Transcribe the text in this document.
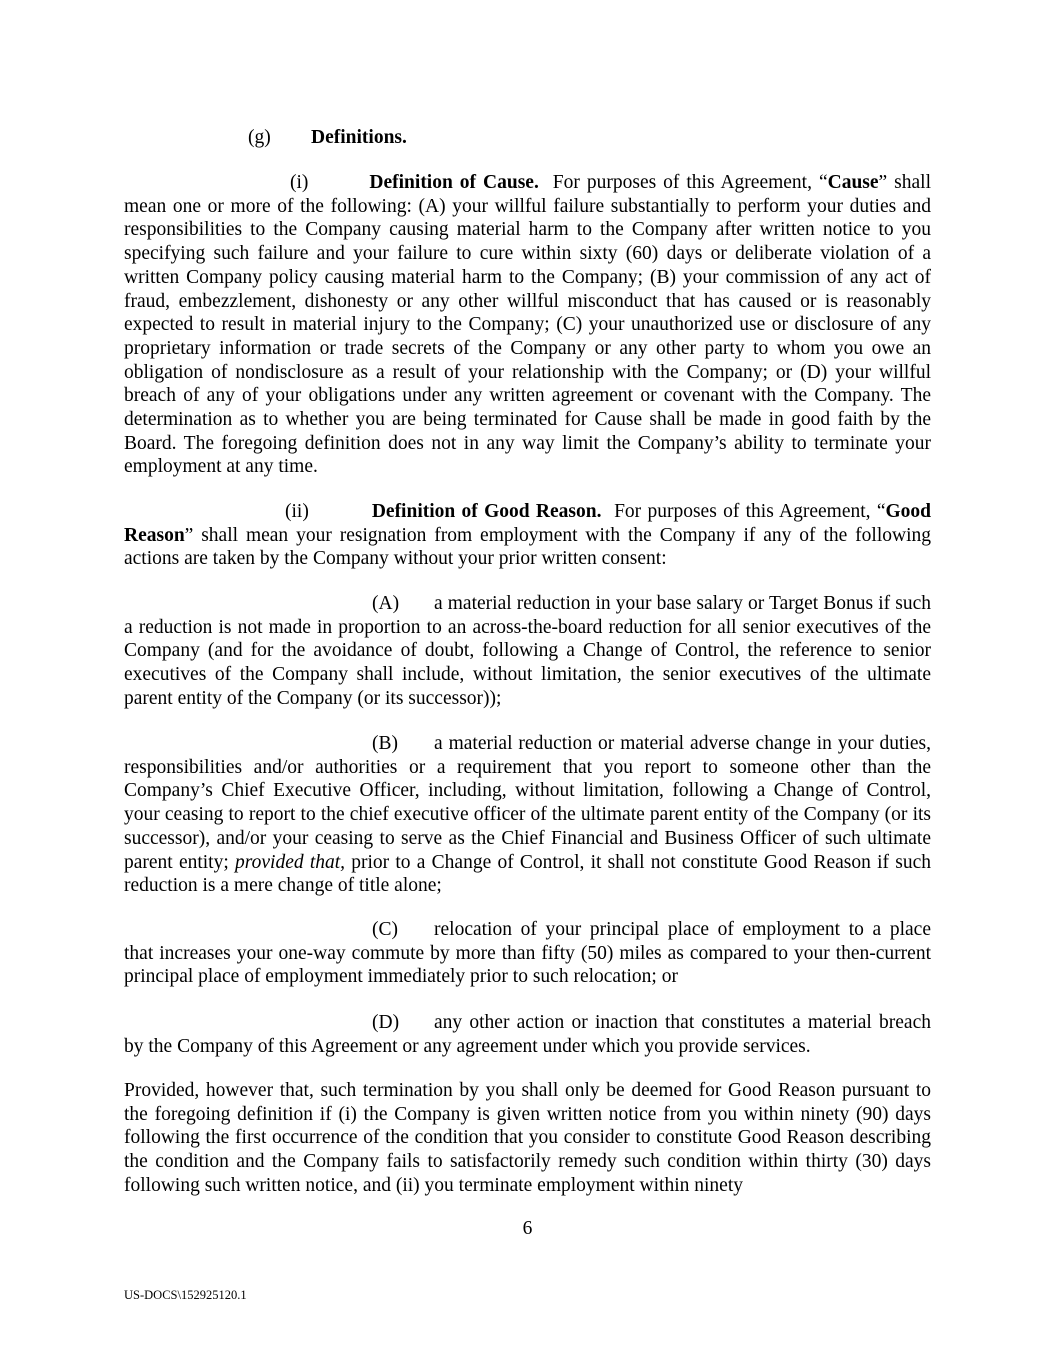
(g) Definitions.

(i)	Definition of Cause. For purposes of this Agreement, “Cause” shall mean one or more of the following: (A) your willful failure substantially to perform your duties and responsibilities to the Company causing material harm to the Company after written notice to you specifying such failure and your failure to cure within sixty (60) days or deliberate violation of a written Company policy causing material harm to the Company; (B) your commission of any act of fraud, embezzlement, dishonesty or any other willful misconduct that has caused or is reasonably expected to result in material injury to the Company; (C) your unauthorized use or disclosure of any proprietary information or trade secrets of the Company or any other party to whom you owe an obligation of nondisclosure as a result of your relationship with the Company; or (D) your willful breach of any of your obligations under any written agreement or covenant with the Company. The determination as to whether you are being terminated for Cause shall be made in good faith by the Board. The foregoing definition does not in any way limit the Company’s ability to terminate your employment at any time.

(ii)	Definition of Good Reason. For purposes of this Agreement, “Good Reason” shall mean your resignation from employment with the Company if any of the following actions are taken by the Company without your prior written consent:

(A) a material reduction in your base salary or Target Bonus if such a reduction is not made in proportion to an across-the-board reduction for all senior executives of the Company (and for the avoidance of doubt, following a Change of Control, the reference to senior executives of the Company shall include, without limitation, the senior executives of the ultimate parent entity of the Company (or its successor));

(B) a material reduction or material adverse change in your duties, responsibilities and/or authorities or a requirement that you report to someone other than the Company’s Chief Executive Officer, including, without limitation, following a Change of Control, your ceasing to report to the chief executive officer of the ultimate parent entity of the Company (or its successor), and/or your ceasing to serve as the Chief Financial and Business Officer of such ultimate parent entity; provided that, prior to a Change of Control, it shall not constitute Good Reason if such reduction is a mere change of title alone;

(C) relocation of your principal place of employment to a place that increases your one-way commute by more than fifty (50) miles as compared to your then-current principal place of employment immediately prior to such relocation; or

(D) any other action or inaction that constitutes a material breach by the Company of this Agreement or any agreement under which you provide services.

Provided, however that, such termination by you shall only be deemed for Good Reason pursuant to the foregoing definition if (i) the Company is given written notice from you within ninety (90) days following the first occurrence of the condition that you consider to constitute Good Reason describing the condition and the Company fails to satisfactorily remedy such condition within thirty (30) days following such written notice, and (ii) you terminate employment within ninety

6
US-DOCS\152925120.1
